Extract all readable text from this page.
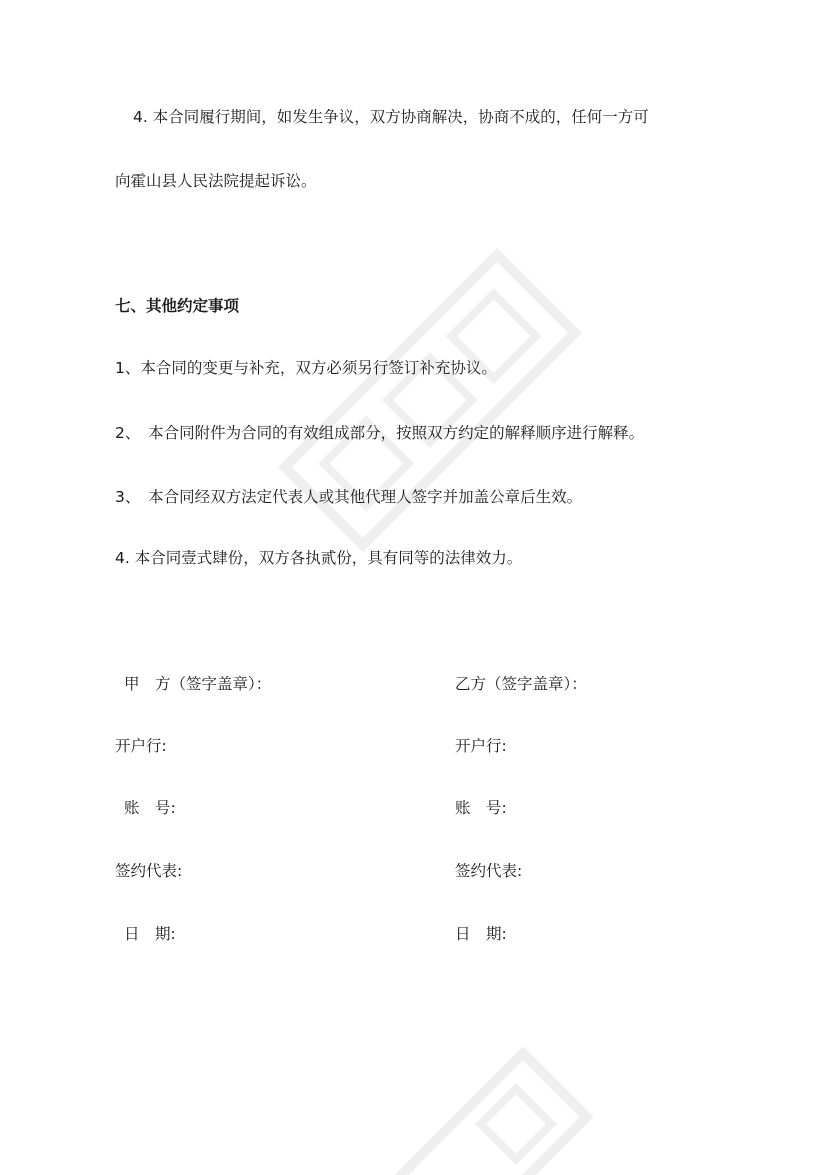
4. 本合同履行期间，如发生争议，双方协商解决，协商不成的，任何一方可
向霍山县人民法院提起诉讼。
七、其他约定事项
1、本合同的变更与补充，双方必须另行签订补充协议。
2、　本合同附件为合同的有效组成部分，按照双方约定的解释顺序进行解释。
3、　本合同经双方法定代表人或其他代理人签字并加盖公章后生效。
4. 本合同壹式肆份，双方各执贰份，具有同等的法律效力。
甲　方（签字盖章）：
开户行:
账　号:
签约代表:
日　期:
乙方（签字盖章）：
开户行:
账　号:
签约代表:
日　期:
